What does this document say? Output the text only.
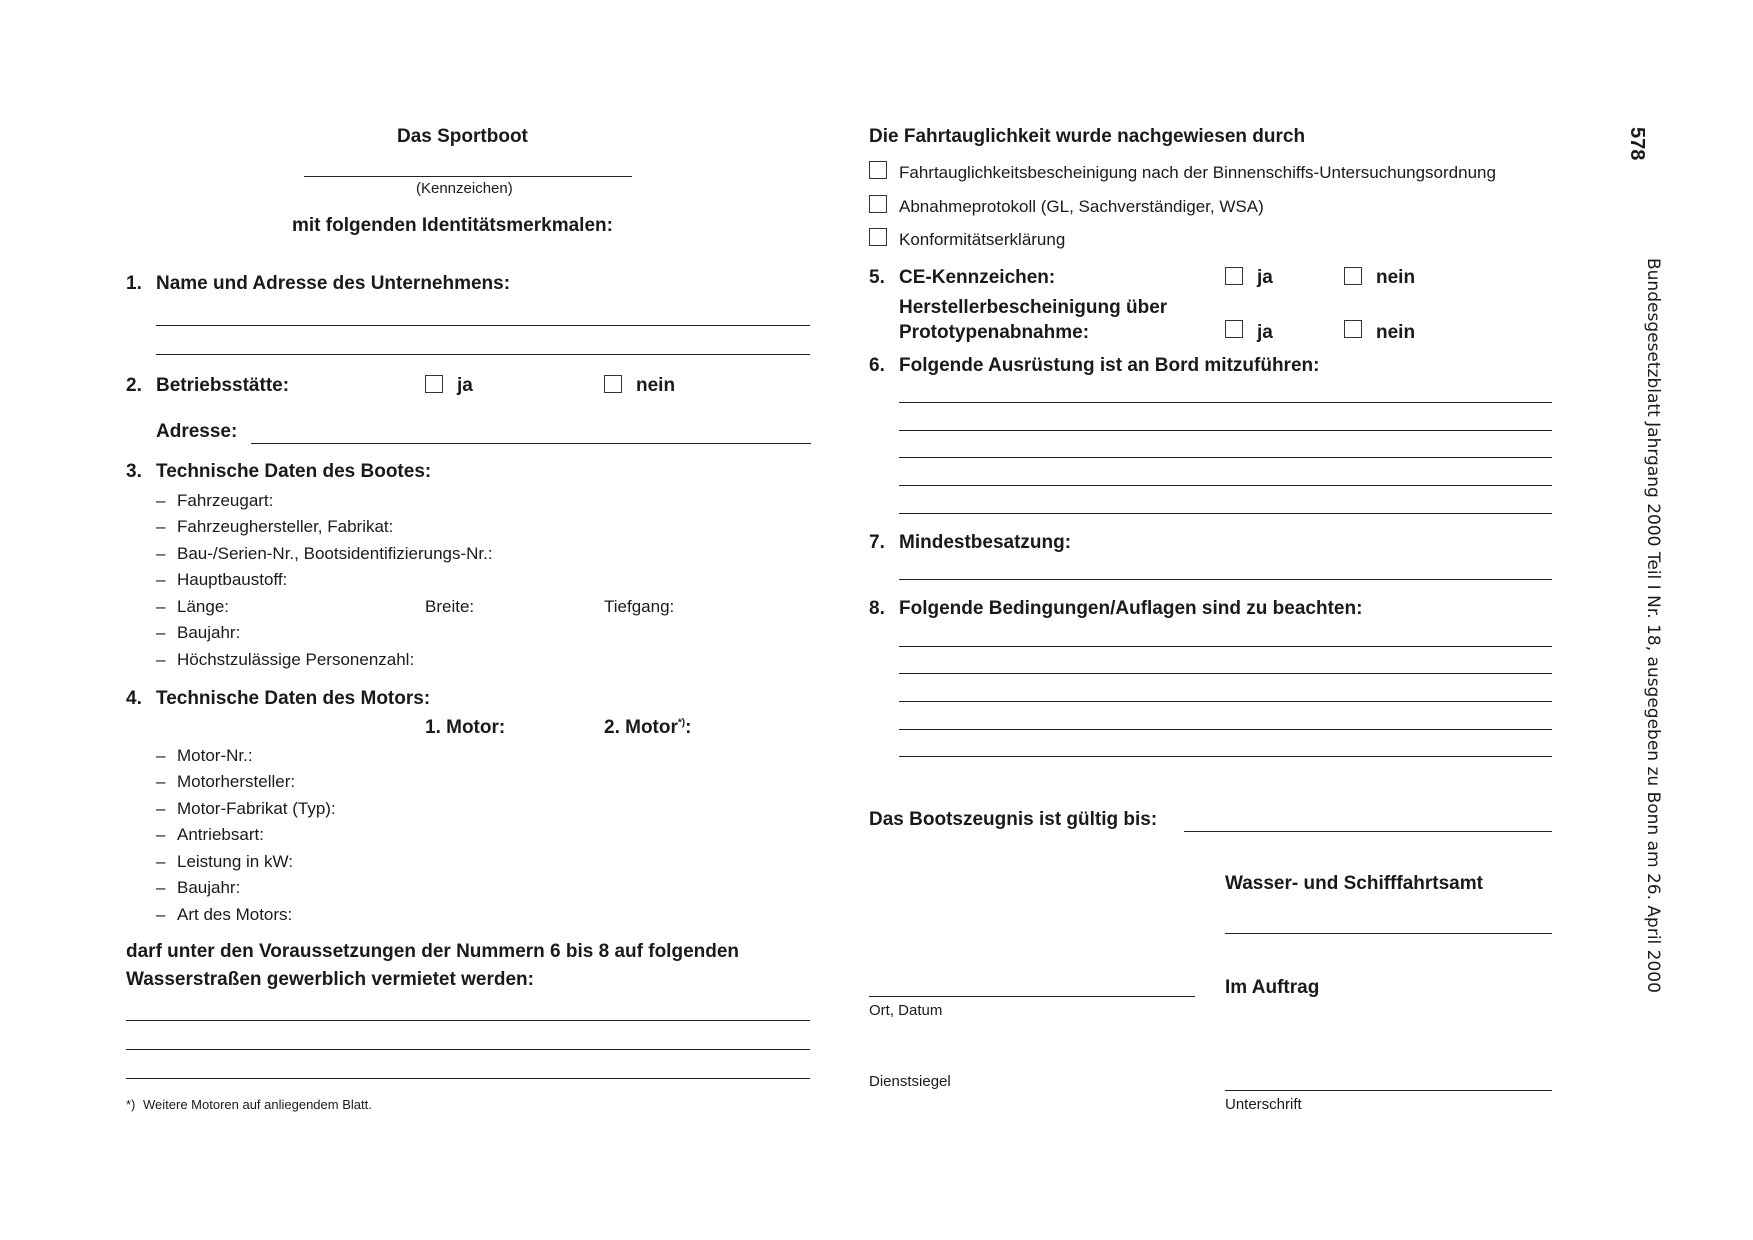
578
Bundesgesetzblatt Jahrgang 2000 Teil I Nr. 18, ausgegeben zu Bonn am 26. April 2000
Das Sportboot
(Kennzeichen)
mit folgenden Identitätsmerkmalen:
1. Name und Adresse des Unternehmens:
2. Betriebsstätte:	ja	nein
Adresse:
3. Technische Daten des Bootes:
– Fahrzeugart:
– Fahrzeughersteller, Fabrikat:
– Bau-/Serien-Nr., Bootsidentifizierungs-Nr.:
– Hauptbaustoff:
– Länge:	Breite:	Tiefgang:
– Baujahr:
– Höchstzulässige Personenzahl:
4. Technische Daten des Motors:
1. Motor:	2. Motor*):
– Motor-Nr.:
– Motorhersteller:
– Motor-Fabrikat (Typ):
– Antriebsart:
– Leistung in kW:
– Baujahr:
– Art des Motors:
darf unter den Voraussetzungen der Nummern 6 bis 8 auf folgenden
Wasserstraßen gewerblich vermietet werden:
*) Weitere Motoren auf anliegendem Blatt.
Die Fahrtauglichkeit wurde nachgewiesen durch
Fahrtauglichkeitsbescheinigung nach der Binnenschiffs-Untersuchungsordnung
Abnahmeprotokoll (GL, Sachverständiger, WSA)
Konformitätserklärung
5. CE-Kennzeichen:	ja	nein
Herstellerbescheinigung über
Prototypenabnahme:	ja	nein
6. Folgende Ausrüstung ist an Bord mitzuführen:
7. Mindestbesatzung:
8. Folgende Bedingungen/Auflagen sind zu beachten:
Das Bootszeugnis ist gültig bis:
Wasser- und Schifffahrtsamt
Ort, Datum
Im Auftrag
Dienstsiegel
Unterschrift
